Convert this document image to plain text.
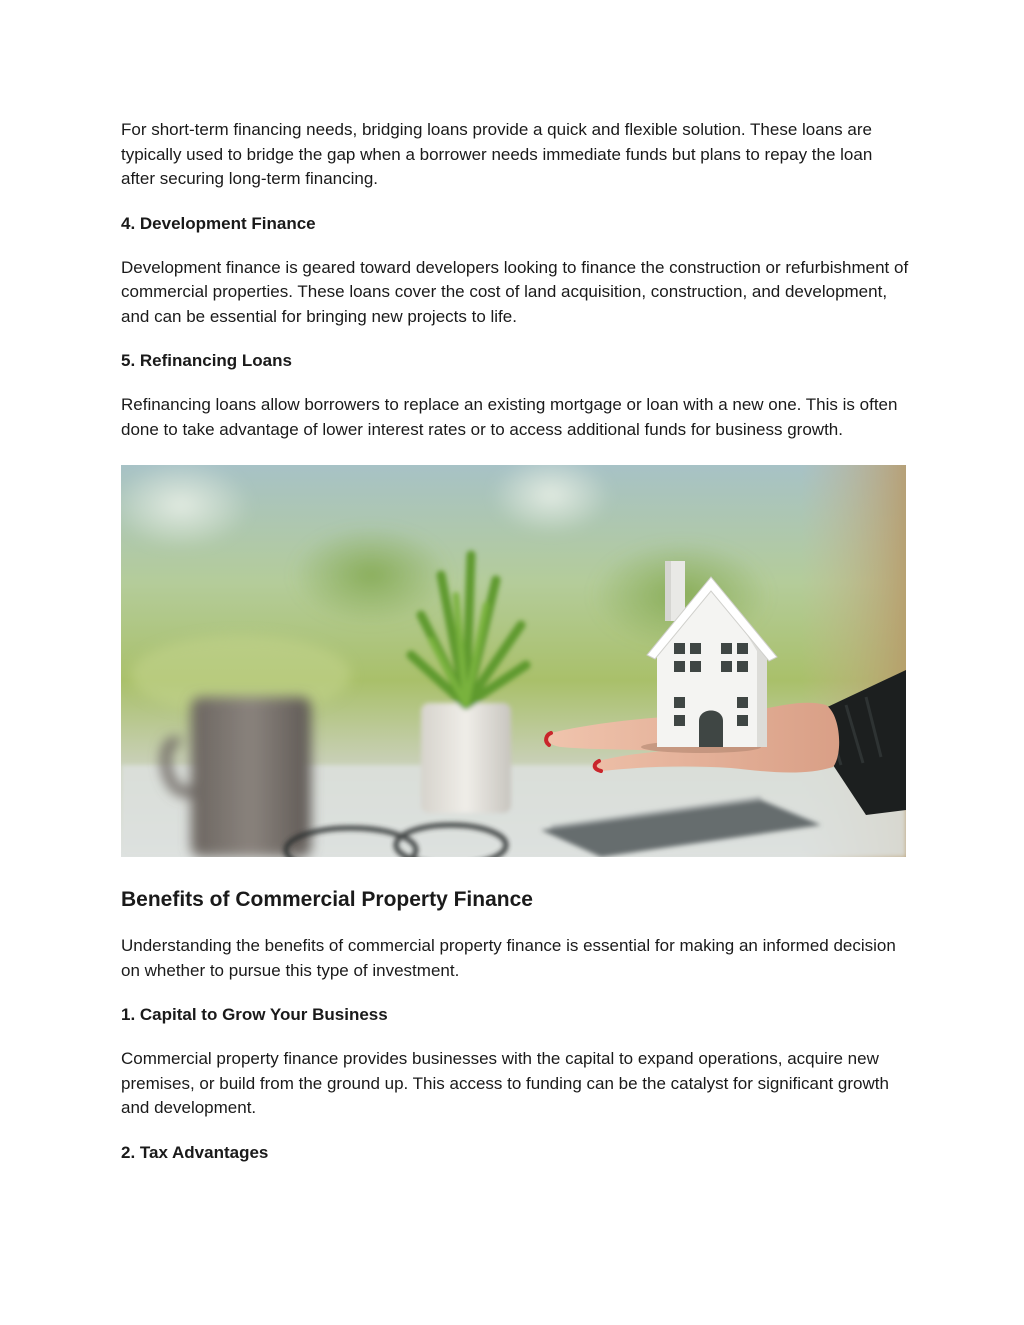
For short-term financing needs, bridging loans provide a quick and flexible solution. These loans are typically used to bridge the gap when a borrower needs immediate funds but plans to repay the loan after securing long-term financing.

4. Development Finance

Development finance is geared toward developers looking to finance the construction or refurbishment of commercial properties. These loans cover the cost of land acquisition, construction, and development, and can be essential for bringing new projects to life.

5. Refinancing Loans

Refinancing loans allow borrowers to replace an existing mortgage or loan with a new one. This is often done to take advantage of lower interest rates or to access additional funds for business growth.

Benefits of Commercial Property Finance

Understanding the benefits of commercial property finance is essential for making an informed decision on whether to pursue this type of investment.

1. Capital to Grow Your Business

Commercial property finance provides businesses with the capital to expand operations, acquire new premises, or build from the ground up. This access to funding can be the catalyst for significant growth and development.

2. Tax Advantages
